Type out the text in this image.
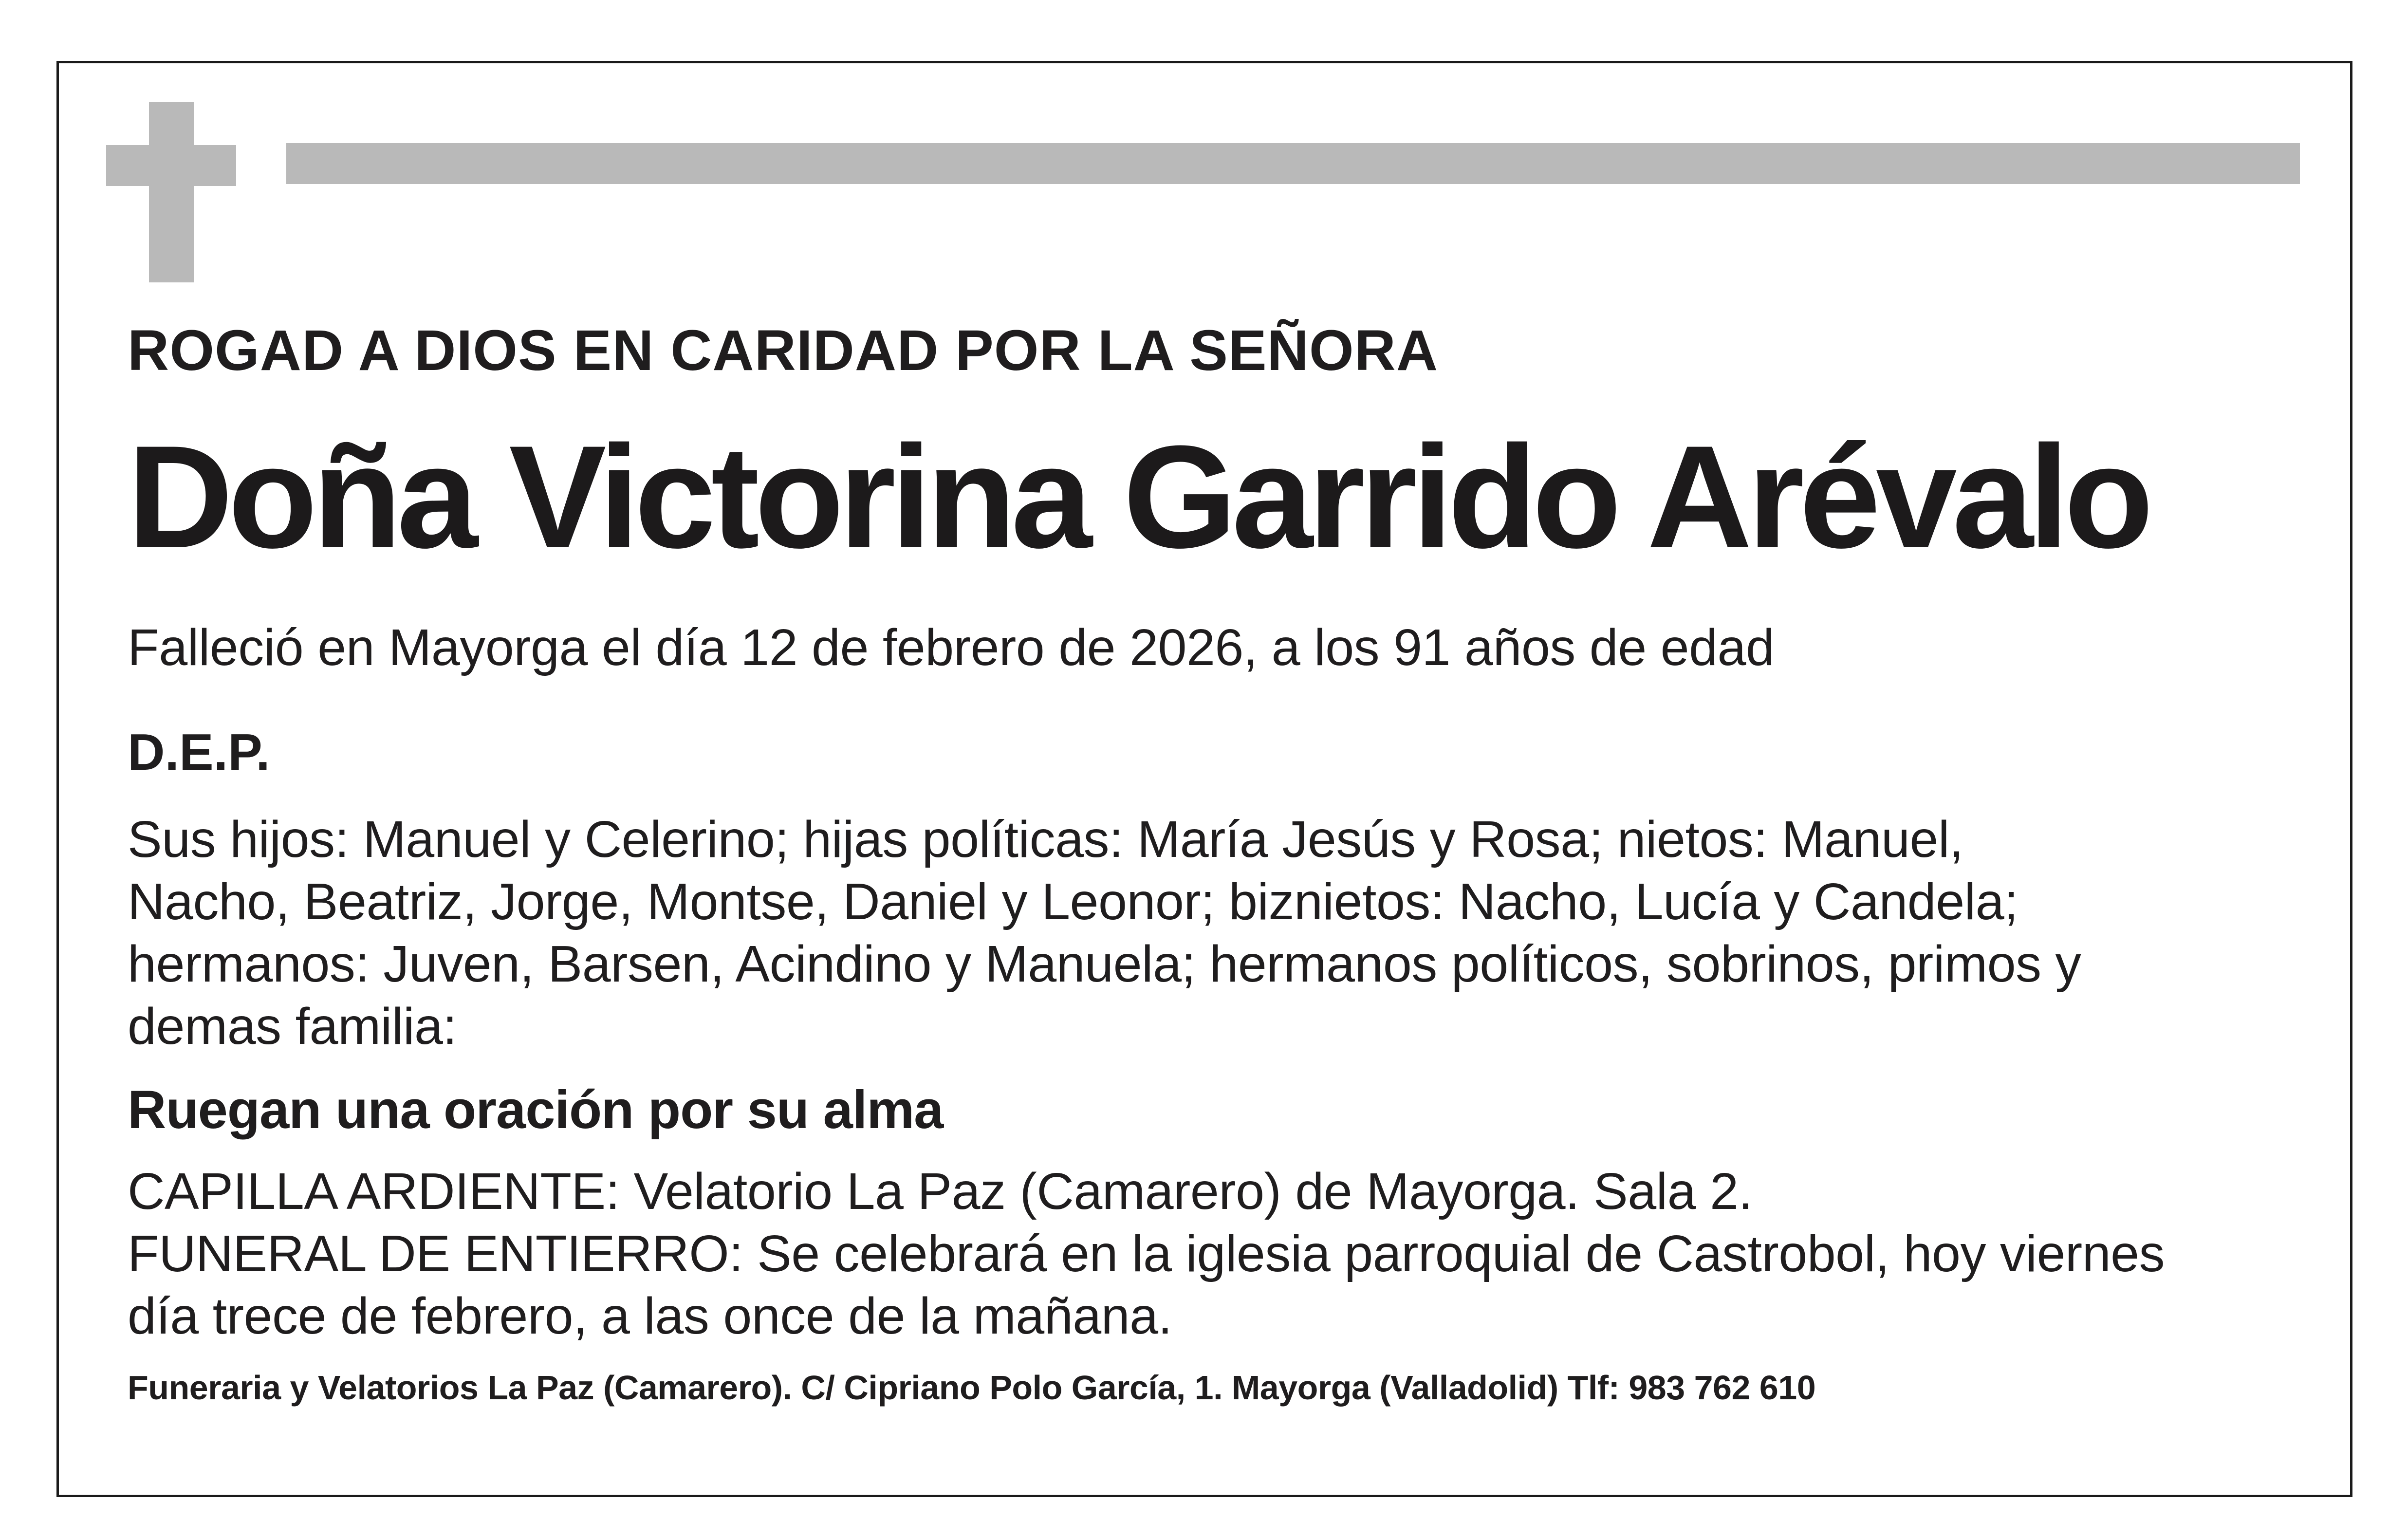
ROGAD A DIOS EN CARIDAD POR LA SEÑORA

Doña Victorina Garrido Arévalo

Falleció en Mayorga el día 12 de febrero de 2026, a los 91 años de edad

D.E.P.

Sus hijos: Manuel y Celerino; hijas políticas: María Jesús y Rosa; nietos: Manuel,
Nacho, Beatriz, Jorge, Montse, Daniel y Leonor; biznietos: Nacho, Lucía y Candela;
hermanos: Juven, Barsen, Acindino y Manuela; hermanos políticos, sobrinos, primos y
demas familia:

Ruegan una oración por su alma

CAPILLA ARDIENTE: Velatorio La Paz (Camarero) de Mayorga. Sala 2.
FUNERAL DE ENTIERRO: Se celebrará en la iglesia parroquial de Castrobol, hoy viernes
día trece de febrero, a las once de la mañana.

Funeraria y Velatorios La Paz (Camarero). C/ Cipriano Polo García, 1. Mayorga (Valladolid) Tlf: 983 762 610
